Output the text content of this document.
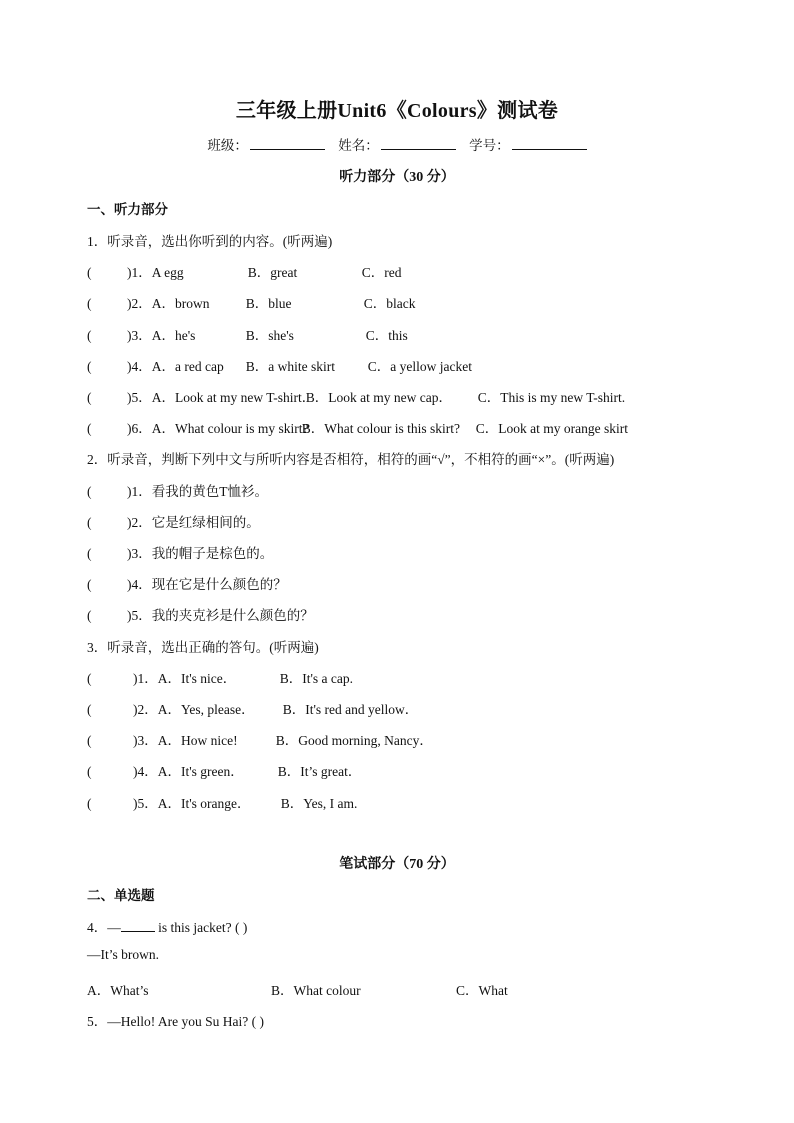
三年级上册Unit6《Colours》测试卷
班级：	姓名：	学号：
听力部分（30 分）
一、听力部分
1．听录音，选出你听到的内容。(听两遍)
(	)1．A egg	B．great	C．red
(	)2．A．brown	B．blue	C．black
(	)3．A．he's	B．she's	C．this
(	)4．A．a red cap B．a white skirt C．a yellow jacket
(	)5．A．Look at my new T-shirt．B．Look at my new cap． C．This is my new T-shirt.
(	)6．A．What colour is my skirt?B．What colour is this skirt? C．Look at my orange skirt
2．听录音，判断下列中文与所听内容是否相符，相符的画“√”，不相符的画“×”。(听两遍)
(	)1．看我的黄色T恤衫。
(	)2．它是红绿相间的。
(	)3．我的帽子是棕色的。
(	)4．现在它是什么颜色的？
(	)5．我的夹克衫是什么颜色的？
3．听录音，选出正确的答句。(听两遍)
(	)1．A．It's nice．	B．It's a cap.
(	)2．A．Yes, please． B．It's red and yellow．
(	)3．A．How nice!	B．Good morning, Nancy．
(	)4．A．It's green．	B．It’s great．
(	)5．A．It's orange． B．Yes, I am.
笔试部分（70 分）
二、单选题
4．—	is this jacket? ( )
—It’s brown.
A．What’s	B．What colour	C．What
5．—Hello! Are you Su Hai? ( )
